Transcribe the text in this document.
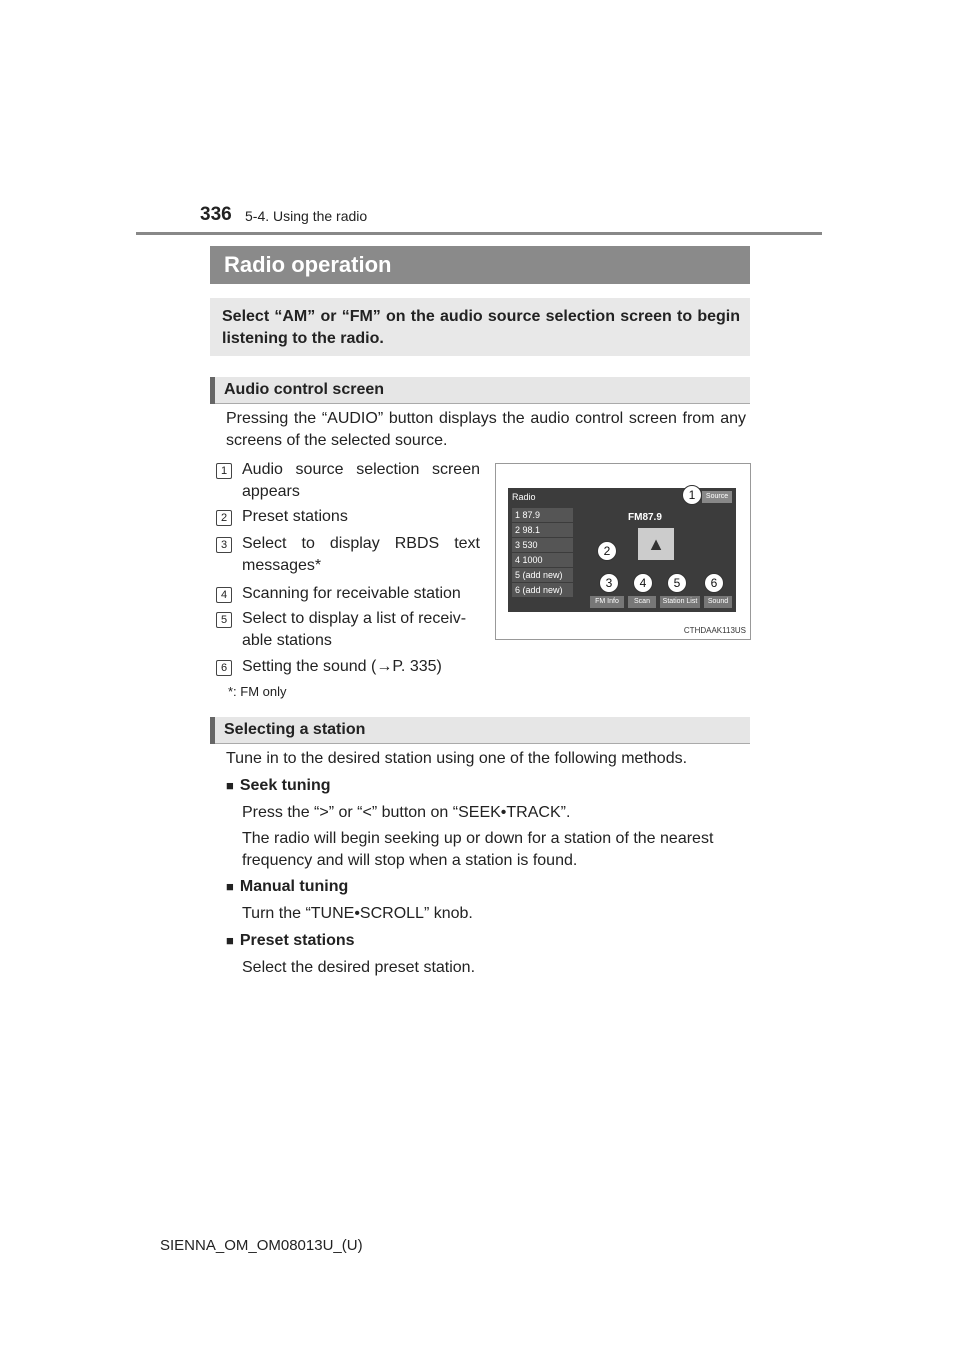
336 5-4. Using the radio
Radio operation

Select “AM” or “FM” on the audio source selection screen to begin listening to the radio.

Audio control screen
Pressing the “AUDIO” button displays the audio control screen from any screens of the selected source.
1 Audio source selection screen appears
2 Preset stations
3 Select to display RBDS text messages*
4 Scanning for receivable station
5 Select to display a list of receiv-able stations
6 Setting the sound (→P. 335)
*: FM only
Radio	Source
1 87.9
2 98.1
3 530
4 1000
5 (add new)
6 (add new)
FM87.9
▲
FM Info	Scan	Station List	Sound
1
2
3	4	5	6
CTHDAAK113US
Selecting a station
Tune in to the desired station using one of the following methods.
■ Seek tuning
Press the “>” or “<” button on “SEEK•TRACK”.
The radio will begin seeking up or down for a station of the nearest frequency and will stop when a station is found.
■ Manual tuning
Turn the “TUNE•SCROLL” knob.
■ Preset stations
Select the desired preset station.
SIENNA_OM_OM08013U_(U)
